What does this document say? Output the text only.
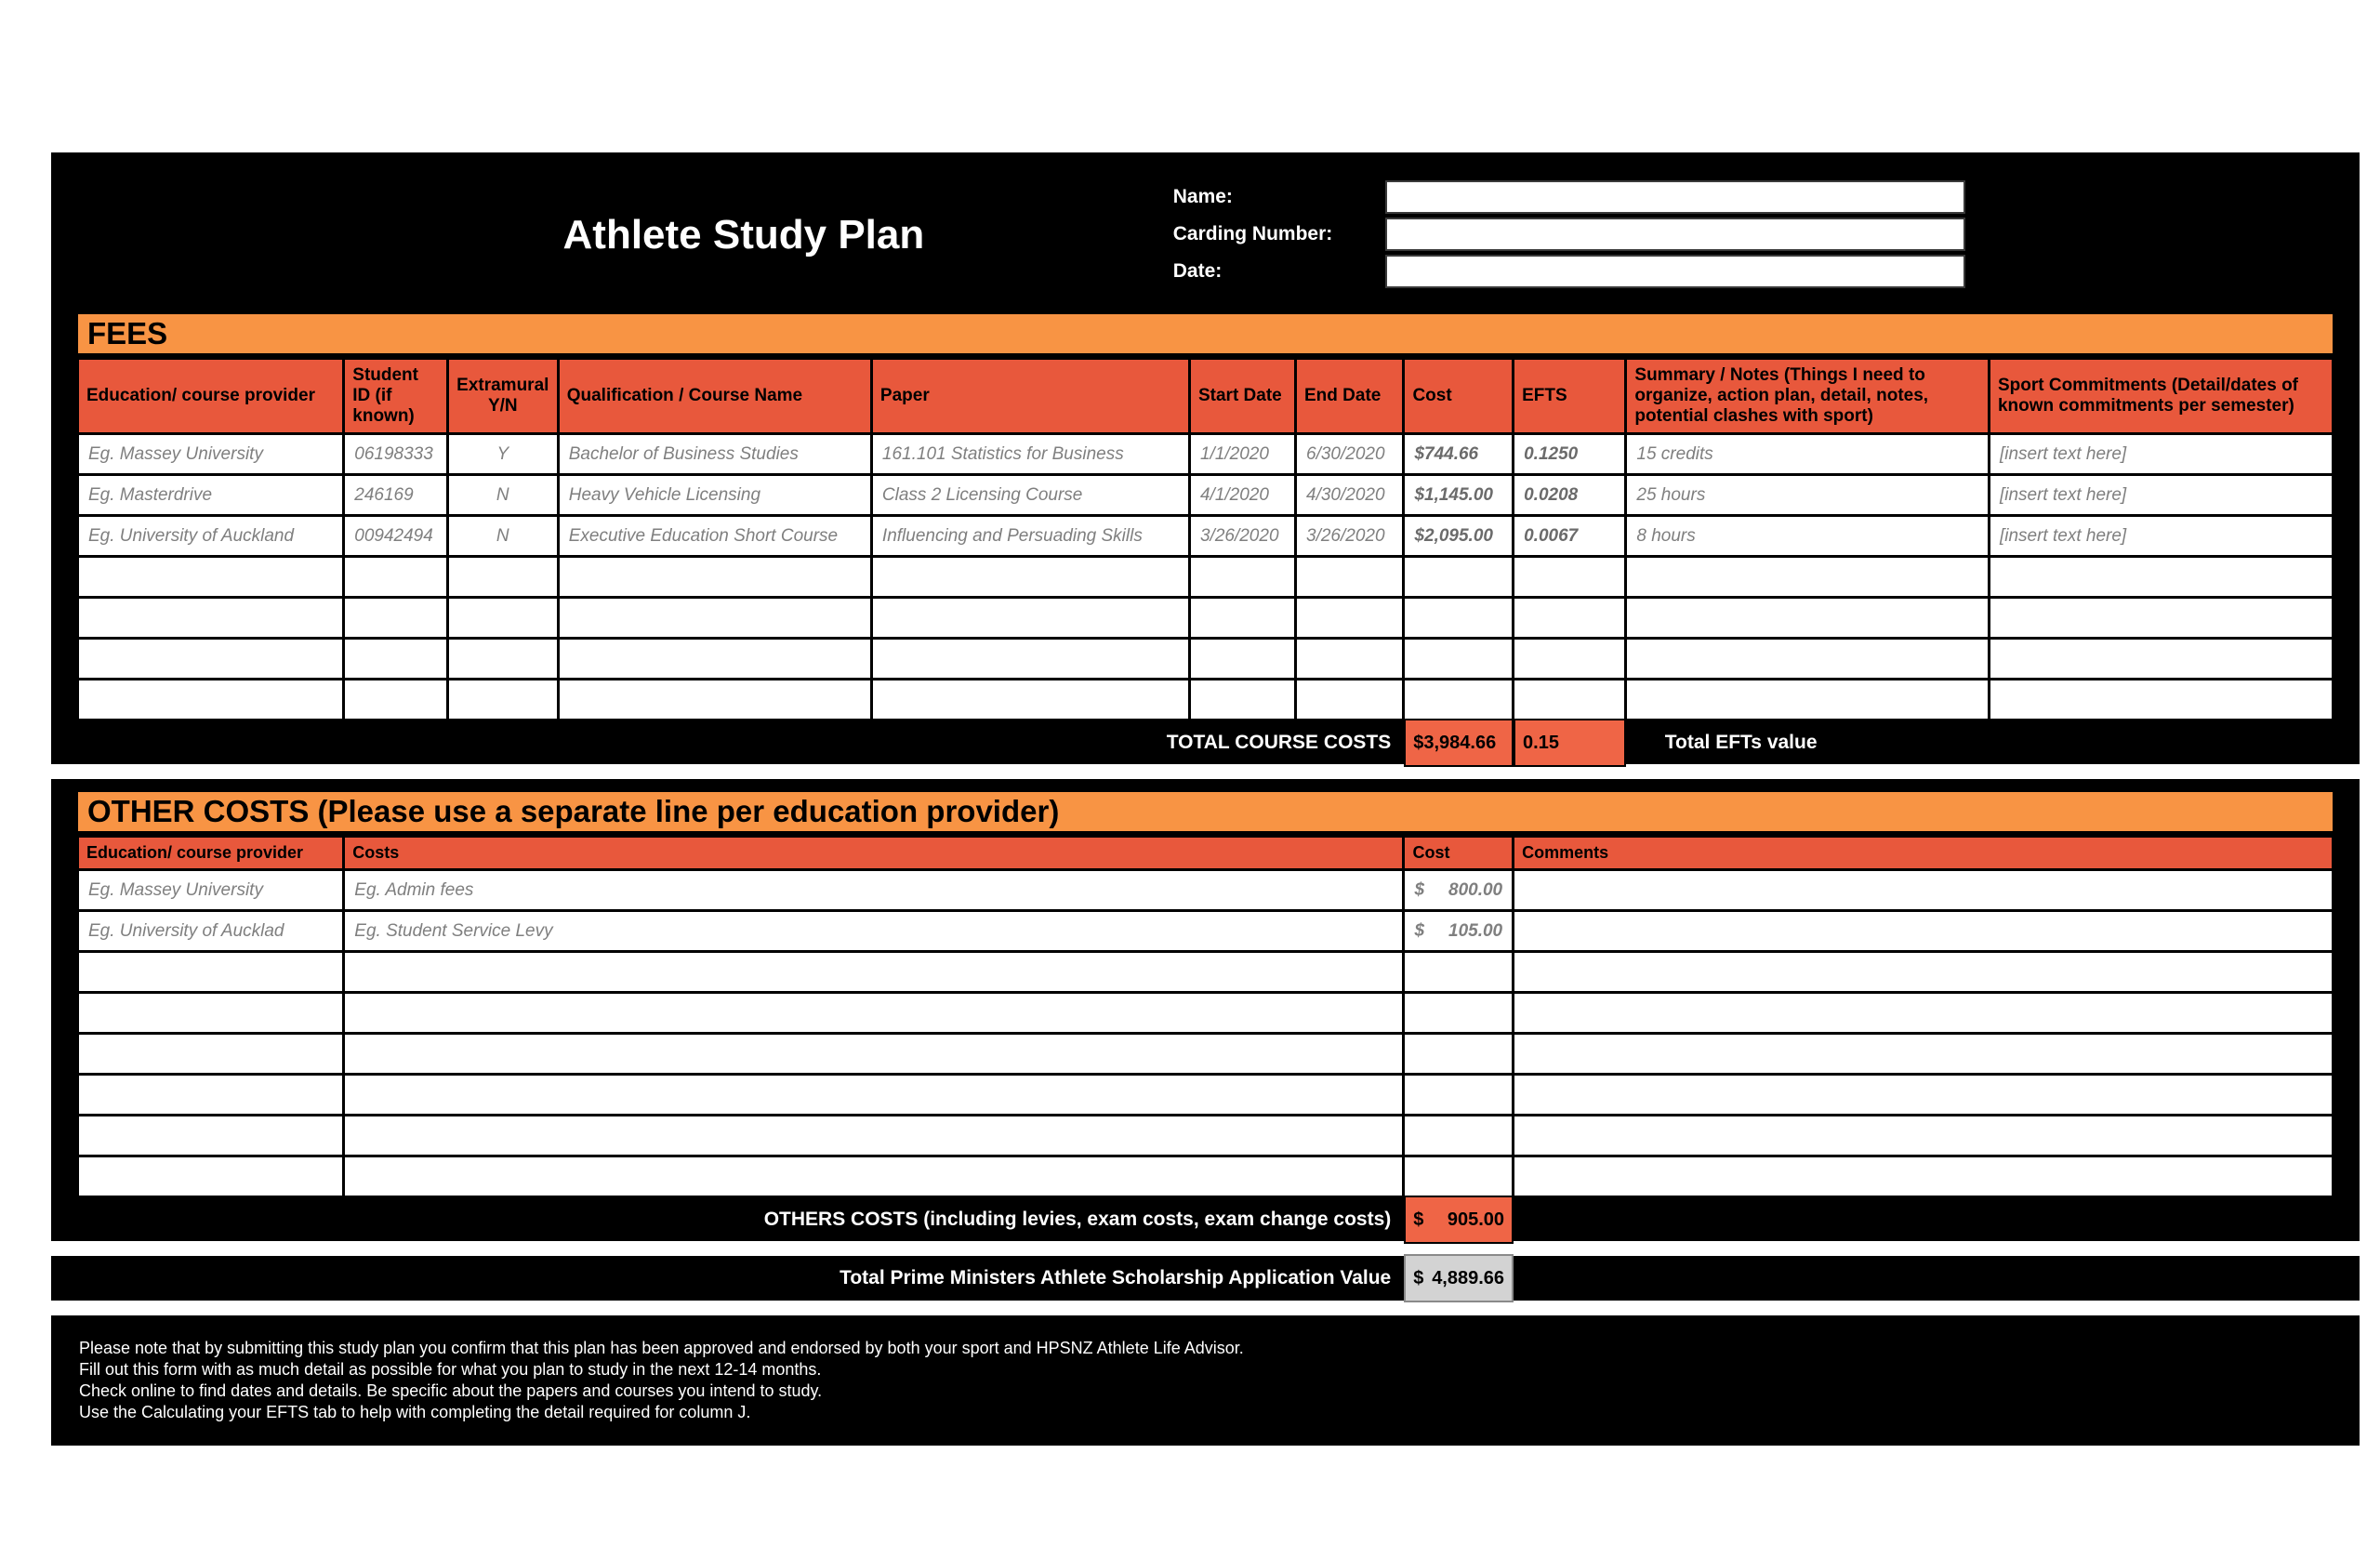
Athlete Study Plan
Name:
Carding Number:
Date:
FEES
Education/ course provider	Student ID (if known)	Extramural Y/N	Qualification / Course Name	Paper	Start Date	End Date	Cost	EFTS	Summary / Notes (Things I need to organize, action plan, detail, notes, potential clashes with sport)	Sport Commitments (Detail/dates of known commitments per semester)
Eg. Massey University	06198333	Y	Bachelor of Business Studies	161.101 Statistics for Business	1/1/2020	6/30/2020	$744.66	0.1250	15 credits	[insert text here]
Eg. Masterdrive	246169	N	Heavy Vehicle Licensing	Class 2 Licensing Course	4/1/2020	4/30/2020	$1,145.00	0.0208	25 hours	[insert text here]
Eg. University of Auckland	00942494	N	Executive Education Short Course	Influencing and Persuading Skills	3/26/2020	3/26/2020	$2,095.00	0.0067	8 hours	[insert text here]

TOTAL COURSE COSTS	$3,984.66	0.15	Total EFTs value
OTHER COSTS (Please use a separate line per education provider)
Education/ course provider	Costs	Cost	Comments
Eg. Massey University	Eg. Admin fees	$ 800.00	

Eg. University of Aucklad	Eg. Student Service Levy	$ 105.00	

OTHERS COSTS (including levies, exam costs, exam change costs)	$ 905.00
Total Prime Ministers Athlete Scholarship Application Value	$ 4,889.66

Please note that by submitting this study plan you confirm that this plan has been approved and endorsed by both your sport and HPSNZ Athlete Life Advisor.

Fill out this form with as much detail as possible for what you plan to study in the next 12-14 months.

Check online to find dates and details. Be specific about the papers and courses you intend to study.

Use the Calculating your EFTS tab to help with completing the detail required for column J.
